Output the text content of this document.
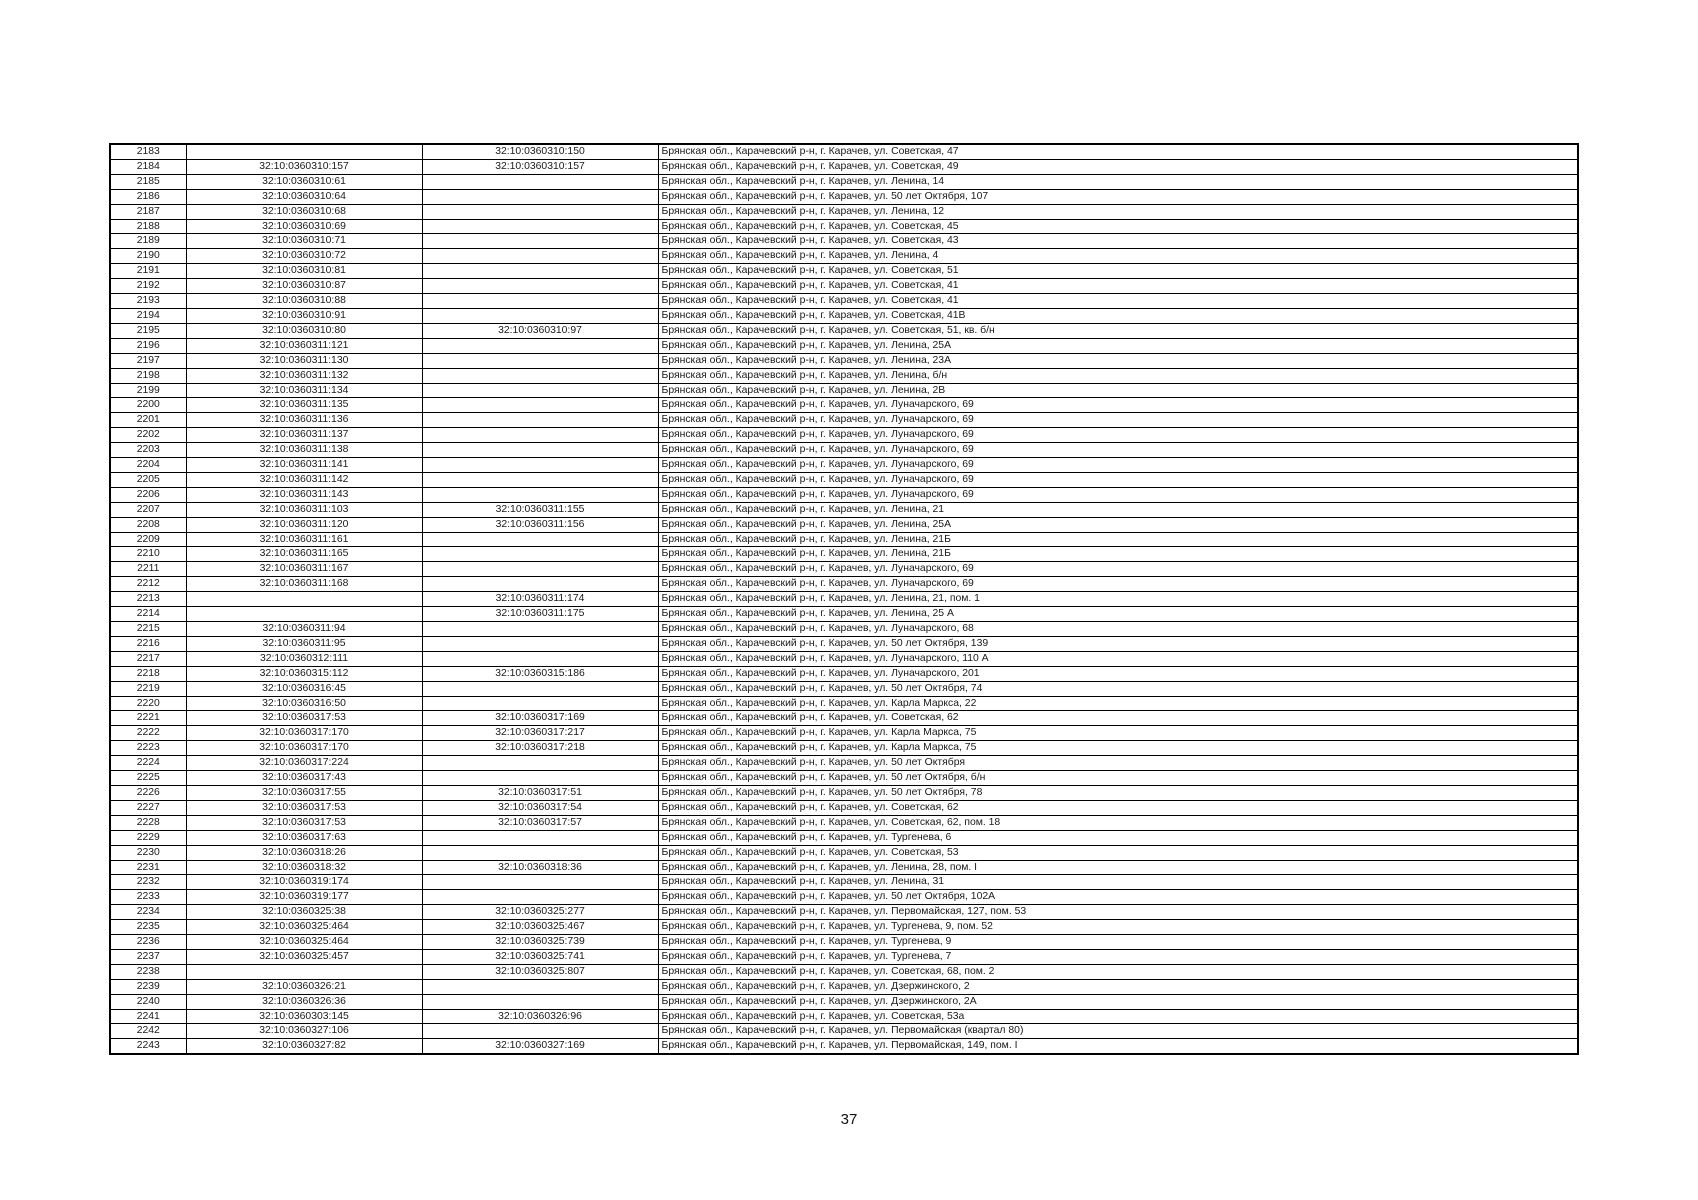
2183		32:10:0360310:150	Брянская обл., Карачевский р-н, г. Карачев, ул. Советская, 47
2184	32:10:0360310:157	32:10:0360310:157	Брянская обл., Карачевский р-н, г. Карачев, ул. Советская, 49
2185	32:10:0360310:61		Брянская обл., Карачевский р-н, г. Карачев, ул. Ленина, 14
2186	32:10:0360310:64		Брянская обл., Карачевский р-н, г. Карачев, ул. 50 лет Октября, 107
2187	32:10:0360310:68		Брянская обл., Карачевский р-н, г. Карачев, ул. Ленина, 12
2188	32:10:0360310:69		Брянская обл., Карачевский р-н, г. Карачев, ул. Советская, 45
2189	32:10:0360310:71		Брянская обл., Карачевский р-н, г. Карачев, ул. Советская, 43
2190	32:10:0360310:72		Брянская обл., Карачевский р-н, г. Карачев, ул. Ленина, 4
2191	32:10:0360310:81		Брянская обл., Карачевский р-н, г. Карачев, ул. Советская, 51
2192	32:10:0360310:87		Брянская обл., Карачевский р-н, г. Карачев, ул. Советская, 41
2193	32:10:0360310:88		Брянская обл., Карачевский р-н, г. Карачев, ул. Советская, 41
2194	32:10:0360310:91		Брянская обл., Карачевский р-н, г. Карачев, ул. Советская, 41В
2195	32:10:0360310:80	32:10:0360310:97	Брянская обл., Карачевский р-н, г. Карачев, ул. Советская, 51, кв. б/н
2196	32:10:0360311:121		Брянская обл., Карачевский р-н, г. Карачев, ул. Ленина, 25А
2197	32:10:0360311:130		Брянская обл., Карачевский р-н, г. Карачев, ул. Ленина, 23А
2198	32:10:0360311:132		Брянская обл., Карачевский р-н, г. Карачев, ул. Ленина, б/н
2199	32:10:0360311:134		Брянская обл., Карачевский р-н, г. Карачев, ул. Ленина, 2В
2200	32:10:0360311:135		Брянская обл., Карачевский р-н, г. Карачев, ул. Луначарского, 69
2201	32:10:0360311:136		Брянская обл., Карачевский р-н, г. Карачев, ул. Луначарского, 69
2202	32:10:0360311:137		Брянская обл., Карачевский р-н, г. Карачев, ул. Луначарского, 69
2203	32:10:0360311:138		Брянская обл., Карачевский р-н, г. Карачев, ул. Луначарского, 69
2204	32:10:0360311:141		Брянская обл., Карачевский р-н, г. Карачев, ул. Луначарского, 69
2205	32:10:0360311:142		Брянская обл., Карачевский р-н, г. Карачев, ул. Луначарского, 69
2206	32:10:0360311:143		Брянская обл., Карачевский р-н, г. Карачев, ул. Луначарского, 69
2207	32:10:0360311:103	32:10:0360311:155	Брянская обл., Карачевский р-н, г. Карачев, ул. Ленина, 21
2208	32:10:0360311:120	32:10:0360311:156	Брянская обл., Карачевский р-н, г. Карачев, ул. Ленина, 25А
2209	32:10:0360311:161		Брянская обл., Карачевский р-н, г. Карачев, ул. Ленина, 21Б
2210	32:10:0360311:165		Брянская обл., Карачевский р-н, г. Карачев, ул. Ленина, 21Б
2211	32:10:0360311:167		Брянская обл., Карачевский р-н, г. Карачев, ул. Луначарского, 69
2212	32:10:0360311:168		Брянская обл., Карачевский р-н, г. Карачев, ул. Луначарского, 69
2213		32:10:0360311:174	Брянская обл., Карачевский р-н, г. Карачев, ул. Ленина, 21, пом. 1
2214		32:10:0360311:175	Брянская обл., Карачевский р-н, г. Карачев, ул. Ленина, 25 А
2215	32:10:0360311:94		Брянская обл., Карачевский р-н, г. Карачев, ул. Луначарского, 68
2216	32:10:0360311:95		Брянская обл., Карачевский р-н, г. Карачев, ул. 50 лет Октября, 139
2217	32:10:0360312:111		Брянская обл., Карачевский р-н, г. Карачев, ул. Луначарского, 110 А
2218	32:10:0360315:112	32:10:0360315:186	Брянская обл., Карачевский р-н, г. Карачев, ул. Луначарского, 201
2219	32:10:0360316:45		Брянская обл., Карачевский р-н, г. Карачев, ул. 50 лет Октября, 74
2220	32:10:0360316:50		Брянская обл., Карачевский р-н, г. Карачев, ул. Карла Маркса, 22
2221	32:10:0360317:53	32:10:0360317:169	Брянская обл., Карачевский р-н, г. Карачев, ул. Советская, 62
2222	32:10:0360317:170	32:10:0360317:217	Брянская обл., Карачевский р-н, г. Карачев, ул. Карла Маркса, 75
2223	32:10:0360317:170	32:10:0360317:218	Брянская обл., Карачевский р-н, г. Карачев, ул. Карла Маркса, 75
2224	32:10:0360317:224		Брянская обл., Карачевский р-н, г. Карачев, ул. 50 лет Октября
2225	32:10:0360317:43		Брянская обл., Карачевский р-н, г. Карачев, ул. 50 лет Октября, б/н
2226	32:10:0360317:55	32:10:0360317:51	Брянская обл., Карачевский р-н, г. Карачев, ул. 50 лет Октября, 78
2227	32:10:0360317:53	32:10:0360317:54	Брянская обл., Карачевский р-н, г. Карачев, ул. Советская, 62
2228	32:10:0360317:53	32:10:0360317:57	Брянская обл., Карачевский р-н, г. Карачев, ул. Советская, 62, пом. 18
2229	32:10:0360317:63		Брянская обл., Карачевский р-н, г. Карачев, ул. Тургенева, 6
2230	32:10:0360318:26		Брянская обл., Карачевский р-н, г. Карачев, ул. Советская, 53
2231	32:10:0360318:32	32:10:0360318:36	Брянская обл., Карачевский р-н, г. Карачев, ул. Ленина, 28, пом. I
2232	32:10:0360319:174		Брянская обл., Карачевский р-н, г. Карачев, ул. Ленина, 31
2233	32:10:0360319:177		Брянская обл., Карачевский р-н, г. Карачев, ул. 50 лет Октября, 102А
2234	32:10:0360325:38	32:10:0360325:277	Брянская обл., Карачевский р-н, г. Карачев, ул. Первомайская, 127, пом. 53
2235	32:10:0360325:464	32:10:0360325:467	Брянская обл., Карачевский р-н, г. Карачев, ул. Тургенева, 9, пом. 52
2236	32:10:0360325:464	32:10:0360325:739	Брянская обл., Карачевский р-н, г. Карачев, ул. Тургенева, 9
2237	32:10:0360325:457	32:10:0360325:741	Брянская обл., Карачевский р-н, г. Карачев, ул. Тургенева, 7
2238		32:10:0360325:807	Брянская обл., Карачевский р-н, г. Карачев, ул. Советская, 68, пом. 2
2239	32:10:0360326:21		Брянская обл., Карачевский р-н, г. Карачев, ул. Дзержинского, 2
2240	32:10:0360326:36		Брянская обл., Карачевский р-н, г. Карачев, ул. Дзержинского, 2А
2241	32:10:0360303:145	32:10:0360326:96	Брянская обл., Карачевский р-н, г. Карачев, ул. Советская, 53а
2242	32:10:0360327:106		Брянская обл., Карачевский р-н, г. Карачев, ул. Первомайская (квартал 80)
2243	32:10:0360327:82	32:10:0360327:169	Брянская обл., Карачевский р-н, г. Карачев, ул. Первомайская, 149, пом. I
37
